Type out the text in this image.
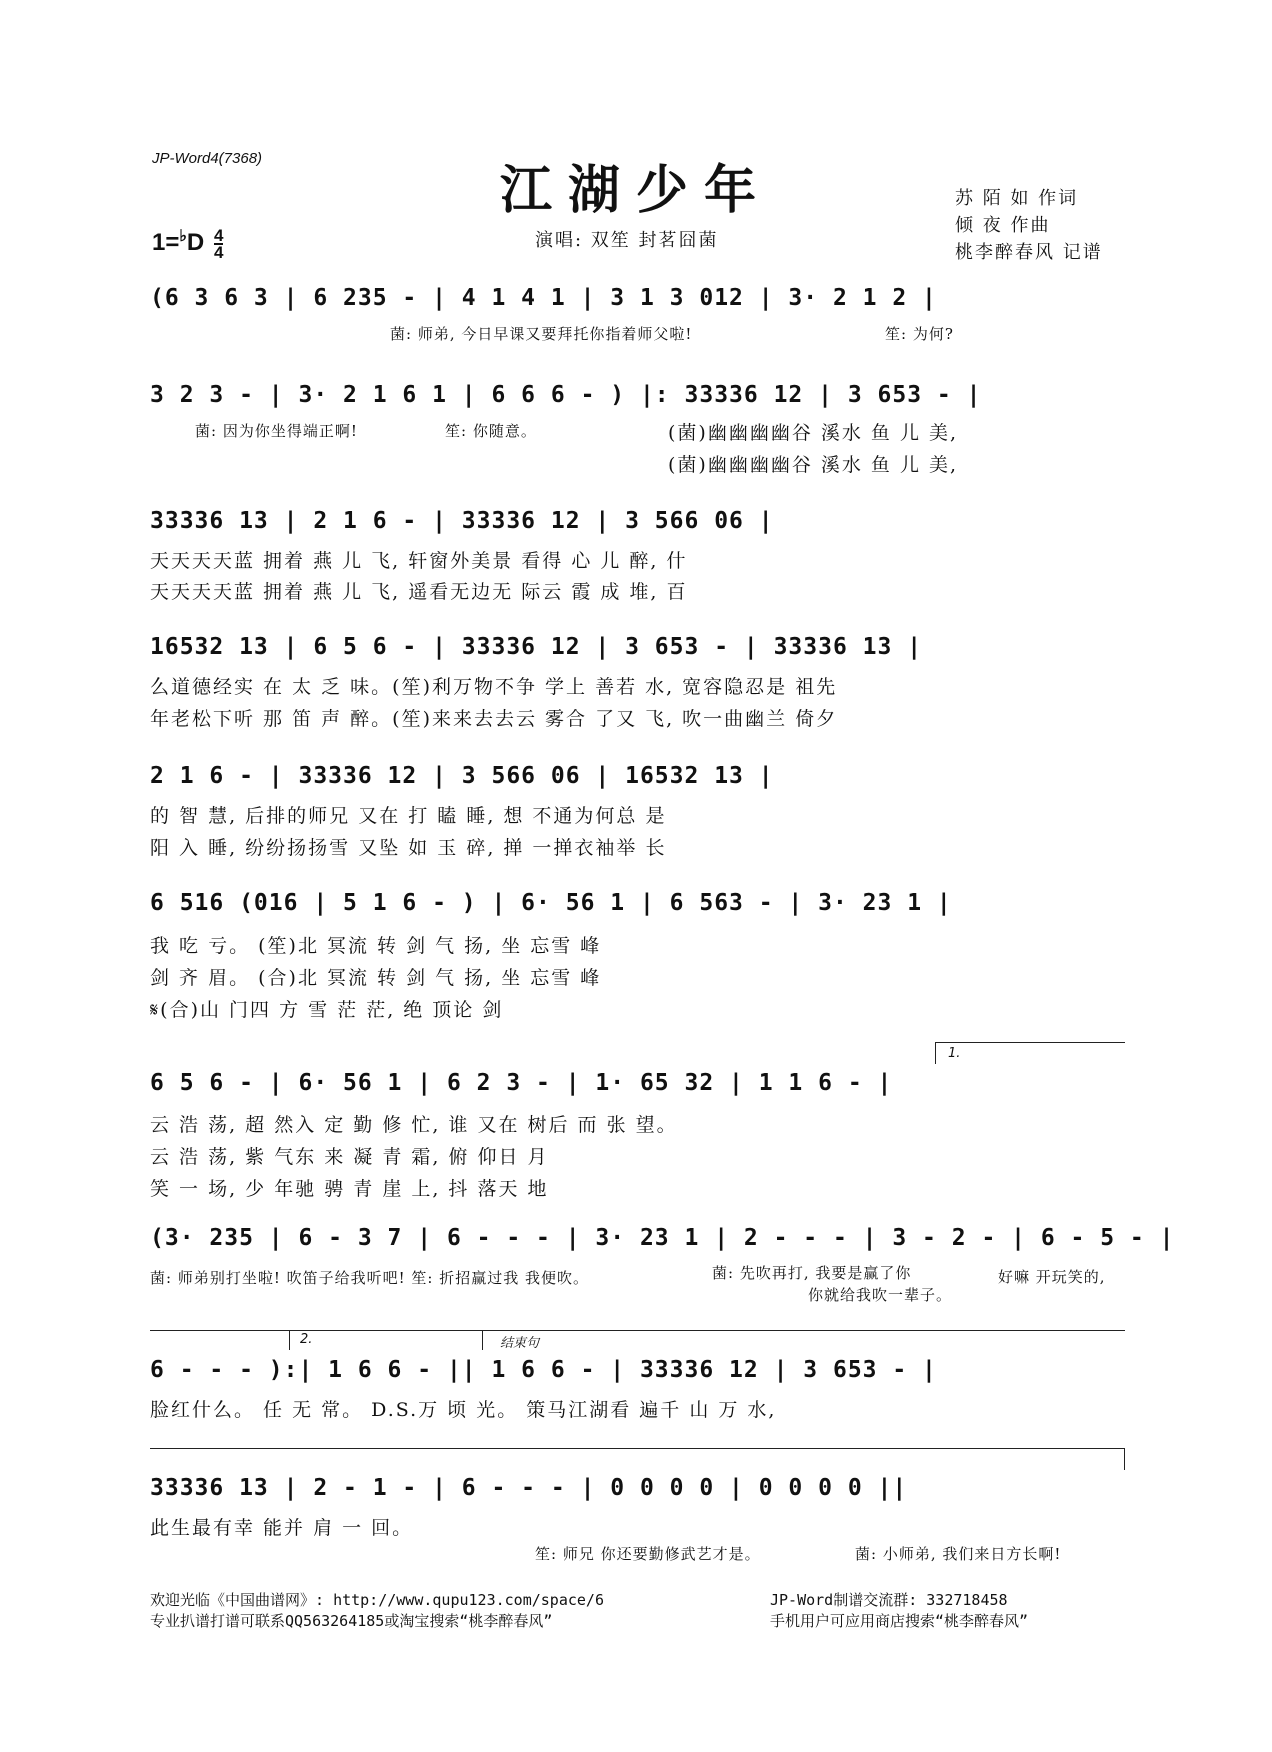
JP-Word4(7368)
江湖少年
$1=^♭D \frac{4}{4}$	演唱: 双笙 封茗囧菌
苏 陌 如 作词
倾 夜 作曲
桃李醉春风 记谱
(6 3 6 3 | 6 235 - | 4 1 4 1 | 3 1 3 012 | 3· 2 1 2 |
菌: 师弟, 今日早课又要拜托你指着师父啦!	笙: 为何?
3 2 3 - | 3· 2 1 6 1 | 6 6 6 - ) |: 33336 12 | 3 653 - |
菌: 因为你坐得端正啊!	笙: 你随意。	(菌)幽幽幽幽谷 溪水 鱼 儿 美,
(菌)幽幽幽幽谷 溪水 鱼 儿 美,
33336 13 | 2 1 6 - | 33336 12 | 3 566 06 |
天天天天蓝 拥着 燕 儿 飞, 轩窗外美景 看得 心 儿 醉, 什
天天天天蓝 拥着 燕 儿 飞, 遥看无边无 际云 霞 成 堆, 百
16532 13 | 6 5 6 - | 33336 12 | 3 653 - | 33336 13 |
么道德经实 在 太 乏 味。(笙)利万物不争 学上 善若 水, 宽容隐忍是 祖先
年老松下听 那 笛 声 醉。(笙)来来去去云 雾合 了又 飞, 吹一曲幽兰 倚夕
2 1 6 - | 33336 12 | 3 566 06 | 16532 13 |
的 智 慧, 后排的师兄 又在 打 瞌 睡, 想 不通为何总 是
阳 入 睡, 纷纷扬扬雪 又坠 如 玉 碎, 掸 一掸衣袖举 长
6 516 (016 | 5 1 6 - ) | 6· 56 1 | 6 563 - | 3· 23 1 |
我 吃 亏。 (笙)北 冥流 转 剑 气 扬, 坐 忘雪 峰
剑 齐 眉。 (合)北 冥流 转 剑 气 扬, 坐 忘雪 峰
𝄋(合)山 门四 方 雪 茫 茫, 绝 顶论 剑
1.
6 5 6 - | 6· 56 1 | 6 2 3 - | 1· 65 32 | 1 1 6 - |
云 浩 荡, 超 然入 定 勤 修 忙, 谁 又在 树后 而 张 望。
云 浩 荡, 紫 气东 来 凝 青 霜, 俯 仰日 月
笑 一 场, 少 年驰 骋 青 崖 上, 抖 落天 地
(3· 235 | 6 - 3 7 | 6 - - - | 3· 23 1 | 2 - - - | 3 - 2 - | 6 - 5 - |
菌: 师弟别打坐啦! 吹笛子给我听吧! 笙: 折招赢过我 我便吹。	菌: 先吹再打, 我要是赢了你
你就给我吹一辈子。
好嘛 开玩笑的,
2.	结束句
6 - - - ):| 1 6 6 - || 1 6 6 - | 33336 12 | 3 653 - |
脸红什么。 任 无 常。 D.S.万 顷 光。 策马江湖看 遍千 山 万 水,
33336 13 | 2 - 1 - | 6 - - - | 0 0 0 0 | 0 0 0 0 ||
此生最有幸 能并 肩 一 回。
笙: 师兄 你还要勤修武艺才是。	菌: 小师弟, 我们来日方长啊!
欢迎光临《中国曲谱网》: http://www.qupu123.com/space/6
专业扒谱打谱可联系QQ563264185或淘宝搜索“桃李醉春风”
JP-Word制谱交流群: 332718458
手机用户可应用商店搜索“桃李醉春风”
